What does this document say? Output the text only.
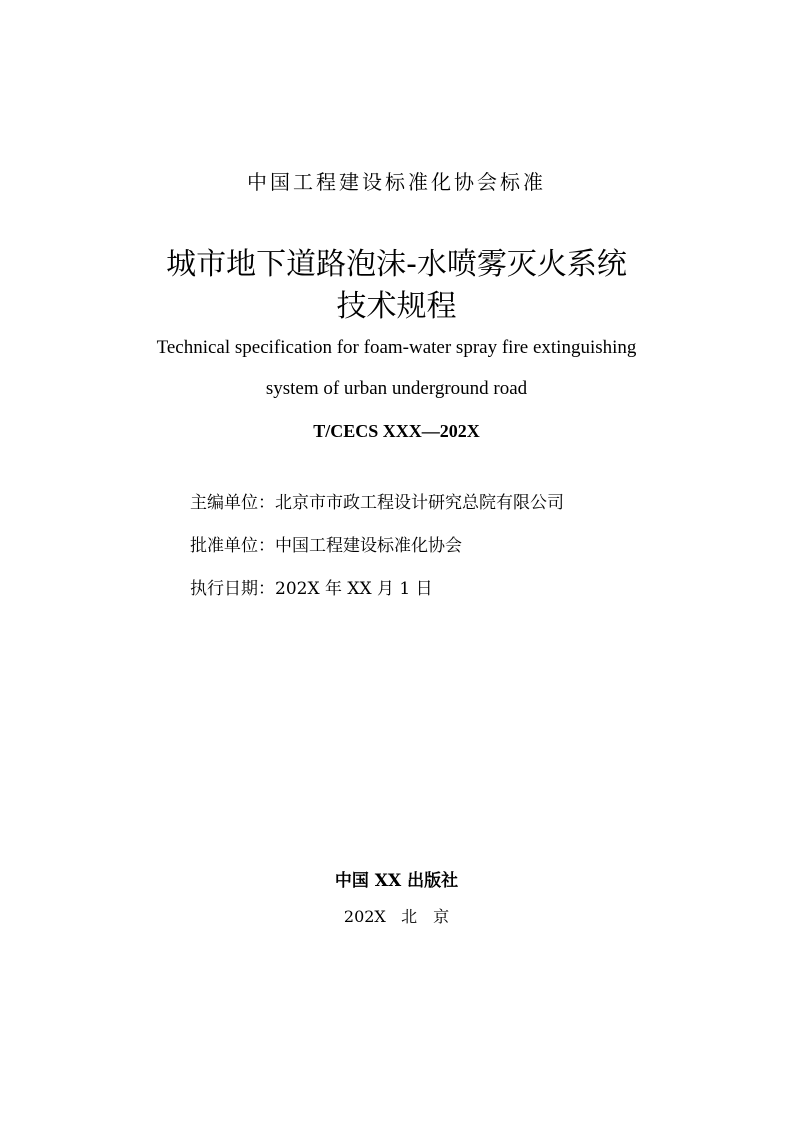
中国工程建设标准化协会标准
城市地下道路泡沫-水喷雾灭火系统
技术规程
Technical specification for foam-water spray fire extinguishing
system of urban underground road
T/CECS XXX—202X
主编单位：北京市市政工程设计研究总院有限公司
批准单位：中国工程建设标准化协会
执行日期：202X 年 XX 月 1 日
中国 XX 出版社
202X 北　京
